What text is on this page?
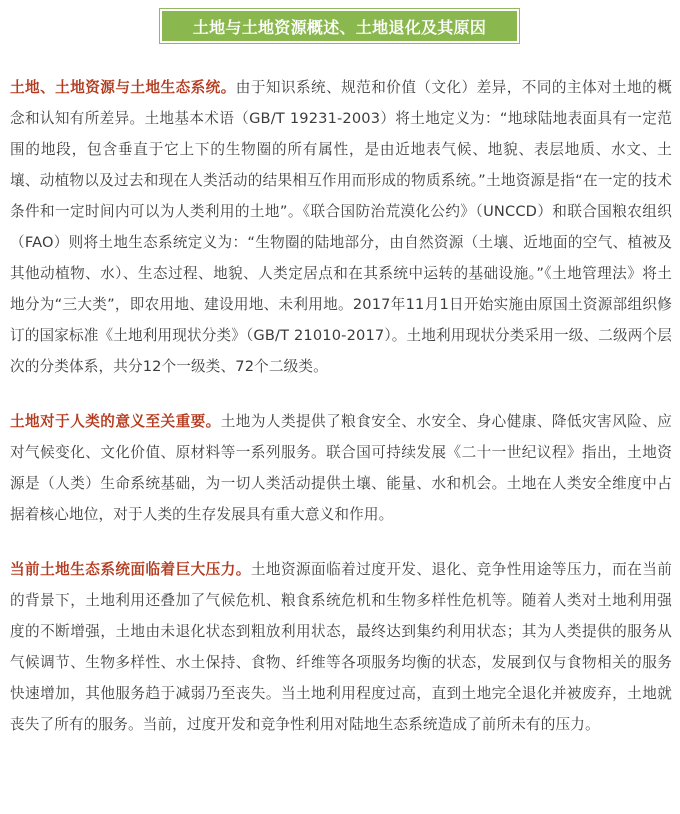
土地与土地资源概述、土地退化及其原因

土地、土地资源与土地生态系统。由于知识系统、规范和价值（文化）差异，不同的主体对土地的概念和认知有所差异。土地基本术语（GB/T 19231-2003）将土地定义为：“地球陆地表面具有一定范围的地段，包含垂直于它上下的生物圈的所有属性，是由近地表气候、地貌、表层地质、水文、土壤、动植物以及过去和现在人类活动的结果相互作用而形成的物质系统。”土地资源是指“在一定的技术条件和一定时间内可以为人类利用的土地”。《联合国防治荒漠化公约》（UNCCD）和联合国粮农组织（FAO）则将土地生态系统定义为：“生物圈的陆地部分，由自然资源（土壤、近地面的空气、植被及其他动植物、水）、生态过程、地貌、人类定居点和在其系统中运转的基础设施。”《土地管理法》将土地分为“三大类”，即农用地、建设用地、未利用地。2017年11月1日开始实施由原国土资源部组织修订的国家标准《土地利用现状分类》（GB/T 21010-2017）。土地利用现状分类采用一级、二级两个层次的分类体系，共分12个一级类、72个二级类。

土地对于人类的意义至关重要。土地为人类提供了粮食安全、水安全、身心健康、降低灾害风险、应对气候变化、文化价值、原材料等一系列服务。联合国可持续发展《二十一世纪议程》指出，土地资源是（人类）生命系统基础，为一切人类活动提供土壤、能量、水和机会。土地在人类安全维度中占据着核心地位，对于人类的生存发展具有重大意义和作用。

当前土地生态系统面临着巨大压力。土地资源面临着过度开发、退化、竞争性用途等压力，而在当前的背景下，土地利用还叠加了气候危机、粮食系统危机和生物多样性危机等。随着人类对土地利用强度的不断增强，土地由未退化状态到粗放利用状态，最终达到集约利用状态；其为人类提供的服务从气候调节、生物多样性、水土保持、食物、纤维等各项服务均衡的状态，发展到仅与食物相关的服务快速增加，其他服务趋于减弱乃至丧失。当土地利用程度过高，直到土地完全退化并被废弃，土地就丧失了所有的服务。当前，过度开发和竞争性利用对陆地生态系统造成了前所未有的压力。
